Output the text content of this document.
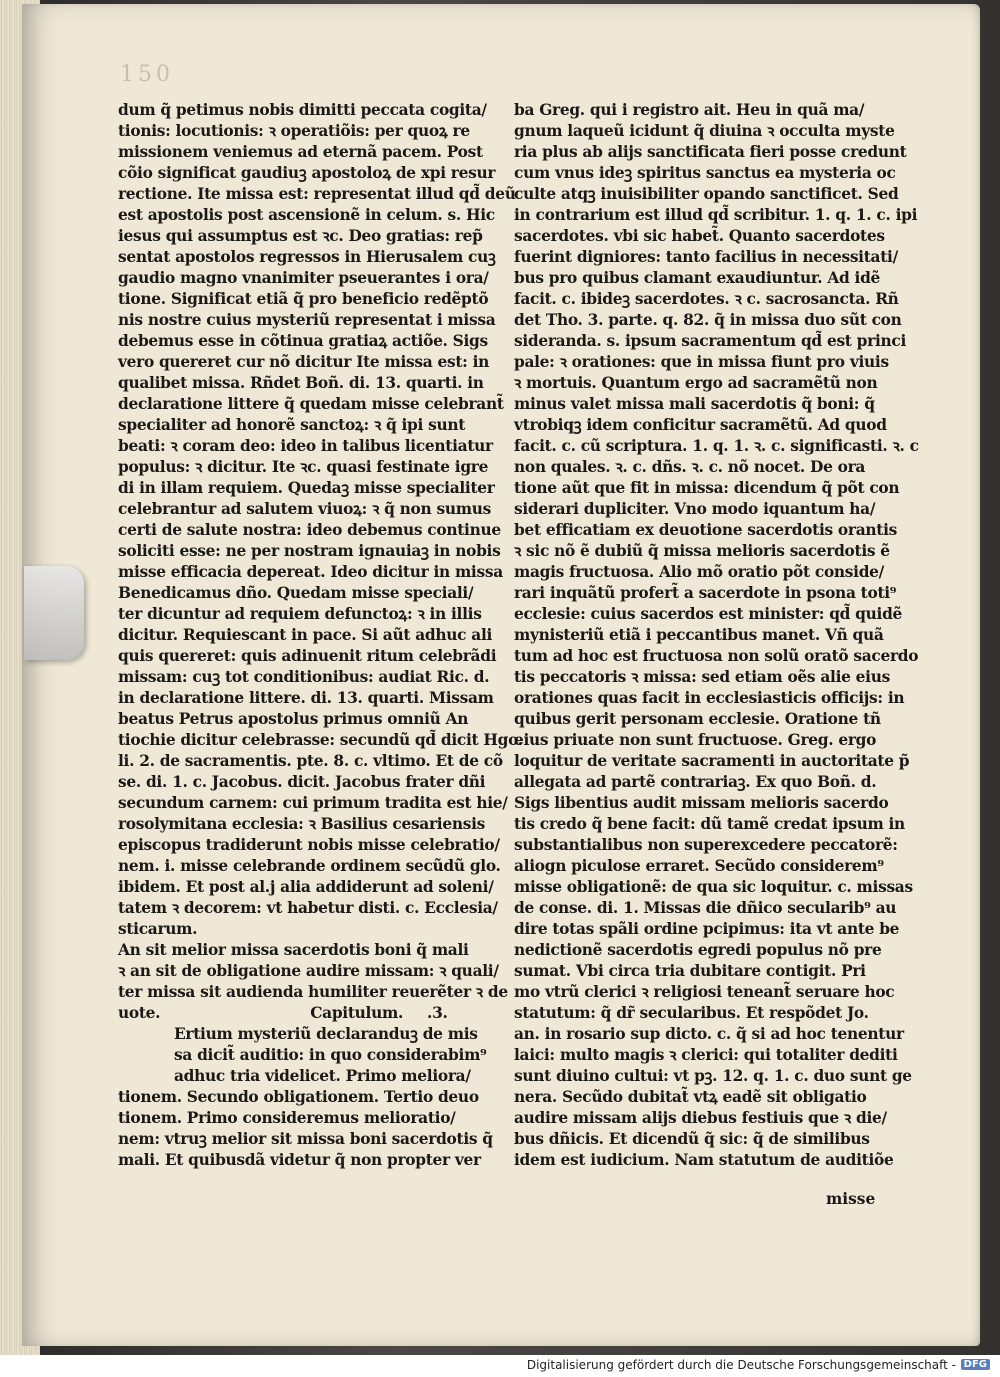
150
dum q̃ petimus nobis dimitti peccata cogita/
tionis: locutionis: ꝛ operatiõis: per quoꝝ re
missionem veniemus ad eternã pacem. Post
cõio significat gaudiuꝫ apostoloꝝ de xpi resur
rectione. Ite missa est: representat illud qd̃ deũ
est apostolis post ascensionẽ in celum. s. Hic
iesus qui assumptus est ꝛc. Deo gratias: rep̃
sentat apostolos regressos in Hierusalem cuꝫ
gaudio magno vnanimiter pseuerantes i ora/
tione. Significat etiã q̃ pro beneficio redẽptõ
nis nostre cuius mysteriũ representat i missa
debemus esse in cõtinua gratiaꝝ actiõe. Sigs
vero quereret cur nõ dicitur Ite missa est: in
qualibet missa. Rñdet Boñ. di. 13. quarti. in
declaratione littere q̃ quedam misse celebrant̃
specialiter ad honorẽ sanctoꝝ: ꝛ q̃ ipi sunt
beati: ꝛ coram deo: ideo in talibus licentiatur
populus: ꝛ dicitur. Ite ꝛc. quasi festinate igre
di in illam requiem. Quedaꝫ misse specialiter
celebrantur ad salutem viuoꝝ: ꝛ q̃ non sumus
certi de salute nostra: ideo debemus continue
soliciti esse: ne per nostram ignauiaꝫ in nobis
misse efficacia depereat. Ideo dicitur in missa
Benedicamus dño. Quedam misse speciali/
ter dicuntur ad requiem defunctoꝝ: ꝛ in illis
dicitur. Requiescant in pace. Si aũt adhuc ali
quis quereret: quis adinuenit ritum celebrãdi
missam: cuꝫ tot conditionibus: audiat Ric. d.
in declaratione littere. di. 13. quarti. Missam
beatus Petrus apostolus primus omniũ An
tiochie dicitur celebrasse: secundũ qd̃ dicit Hgo.
li. 2. de sacramentis. pte. 8. c. vltimo. Et de cõ
se. di. 1. c. Jacobus. dicit. Jacobus frater dñi
secundum carnem: cui primum tradita est hie/
rosolymitana ecclesia: ꝛ Basilius cesariensis
episcopus tradiderunt nobis misse celebratio/
nem. i. misse celebrande ordinem secũdũ glo.
ibidem. Et post al.j alia addiderunt ad soleni/
tatem ꝛ decorem: vt habetur disti. c. Ecclesia/
sticarum.
An sit melior missa sacerdotis boni q̃ mali
ꝛ an sit de obligatione audire missam: ꝛ quali/
ter missa sit audienda humiliter reuerẽter ꝛ de
uote.	Capitulum. .3.
Ertium mysteriũ declaranduꝫ de mis
sa dicit̃ auditio: in quo considerabim⁹
adhuc tria videlicet. Primo meliora/
tionem. Secundo obligationem. Tertio deuo
tionem. Primo consideremus melioratio/
nem: vtruꝫ melior sit missa boni sacerdotis q̃
mali. Et quibusdã videtur q̃ non propter ver
ba Greg. qui i registro ait. Heu in quã ma/
gnum laqueũ icidunt q̃ diuina ꝛ occulta myste
ria plus ab alijs sanctificata fieri posse credunt
cum vnus ideꝫ spiritus sanctus ea mysteria oc
culte atqꝫ inuisibiliter opando sanctificet. Sed
in contrarium est illud qd̃ scribitur. 1. q. 1. c. ipi
sacerdotes. vbi sic habet̃. Quanto sacerdotes
fuerint digniores: tanto facilius in necessitati/
bus pro quibus clamant exaudiuntur. Ad idẽ
facit. c. ibideꝫ sacerdotes. ꝛ c. sacrosancta. Rñ
det Tho. 3. parte. q. 82. q̃ in missa duo sũt con
sideranda. s. ipsum sacramentum qd̃ est princi
pale: ꝛ orationes: que in missa fiunt pro viuis
ꝛ mortuis. Quantum ergo ad sacramẽtũ non
minus valet missa mali sacerdotis q̃ boni: q̃
vtrobiqꝫ idem conficitur sacramẽtũ. Ad quod
facit. c. cũ scriptura. 1. q. 1. ꝛ. c. significasti. ꝛ. c
non quales. ꝛ. c. dñs. ꝛ. c. nõ nocet. De ora
tione aũt que fit in missa: dicendum q̃ põt con
siderari dupliciter. Vno modo iquantum ha/
bet efficatiam ex deuotione sacerdotis orantis
ꝛ sic nõ ẽ dubiũ q̃ missa melioris sacerdotis ẽ
magis fructuosa. Alio mõ oratio põt conside/
rari inquãtũ profert̃ a sacerdote in psona toti⁹
ecclesie: cuius sacerdos est minister: qd̃ quidẽ
mynisteriũ etiã i peccantibus manet. Vñ quã
tum ad hoc est fructuosa non solũ oratõ sacerdo
tis peccatoris ꝛ missa: sed etiam oẽs alie eius
orationes quas facit in ecclesiasticis officijs: in
quibus gerit personam ecclesie. Oratione tñ
eius priuate non sunt fructuose. Greg. ergo
loquitur de veritate sacramenti in auctoritate p̃
allegata ad partẽ contrariaꝫ. Ex quo Boñ. d.
Sigs libentius audit missam melioris sacerdo
tis credo q̃ bene facit: dũ tamẽ credat ipsum in
substantialibus non superexcedere peccatorẽ:
aliogn piculose erraret. Secũdo considerem⁹
misse obligationẽ: de qua sic loquitur. c. missas
de conse. di. 1. Missas die dñico secularib⁹ au
dire totas spãli ordine pcipimus: ita vt ante be
nedictionẽ sacerdotis egredi populus nõ pre
sumat. Vbi circa tria dubitare contigit. Pri
mo vtrũ clerici ꝛ religiosi teneant̃ seruare hoc
statutum: q̃ dr̃ secularibus. Et respõdet Jo.
an. in rosario sup dicto. c. q̃ si ad hoc tenentur
laici: multo magis ꝛ clerici: qui totaliter dediti
sunt diuino cultui: vt pꝫ. 12. q. 1. c. duo sunt ge
nera. Secũdo dubitat̃ vtꝝ eadẽ sit obligatio
audire missam alijs diebus festiuis que ꝛ die/
bus dñicis. Et dicendũ q̃ sic: q̃ de similibus
idem est iudicium. Nam statutum de auditiõe
misse
Digitalisierung gefördert durch die Deutsche Forschungsgemeinschaft - DFG
